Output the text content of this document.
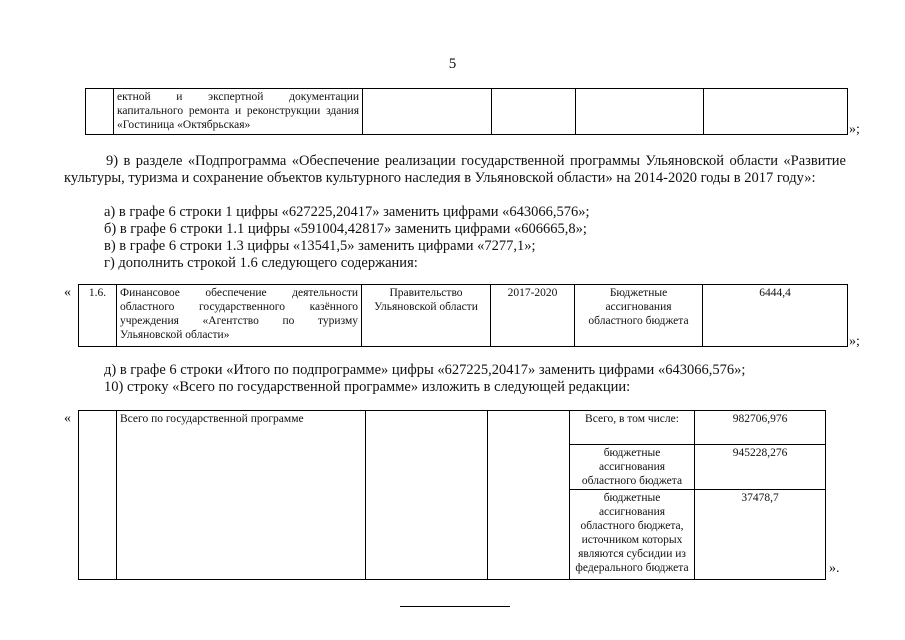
5
	ектной и экспертной документации капитального ремонта и реконструкции здания «Гостиница «Октябрьская»					»;
9) в разделе «Подпрограмма «Обеспечение реализации государственной программы Ульяновской области «Развитие культуры, туризма и сохранение объектов культурного наследия в Ульяновской области» на 2014-2020 годы в 2017 году»:
а) в графе 6 строки 1 цифры «627225,20417» заменить цифрами «643066,576»;
б) в графе 6 строки 1.1 цифры «591004,42817» заменить цифрами «606665,8»;
в) в графе 6 строки 1.3 цифры «13541,5» заменить цифрами «7277,1»;
г) дополнить строкой 1.6 следующего содержания:
« 1.6.	Финансовое обеспечение деятельности областного государственного казённого учреждения «Агентство по туризму Ульяновской области»	Правительство Ульяновской области	2017-2020	Бюджетные ассигнования областного бюджета	6444,4
»;
д) в графе 6 строки «Итого по подпрограмме» цифры «627225,20417» заменить цифрами «643066,576»;
10) строку «Всего по государственной программе» изложить в следующей редакции:
«
		Всего по государственной программе			Всего, в том числе:	982706,976
				бюджетные ассигнования областного бюджета	945228,276
				бюджетные ассигнования областного бюджета, источником которых являются субсидии из федерального бюджета	37478,7
».
